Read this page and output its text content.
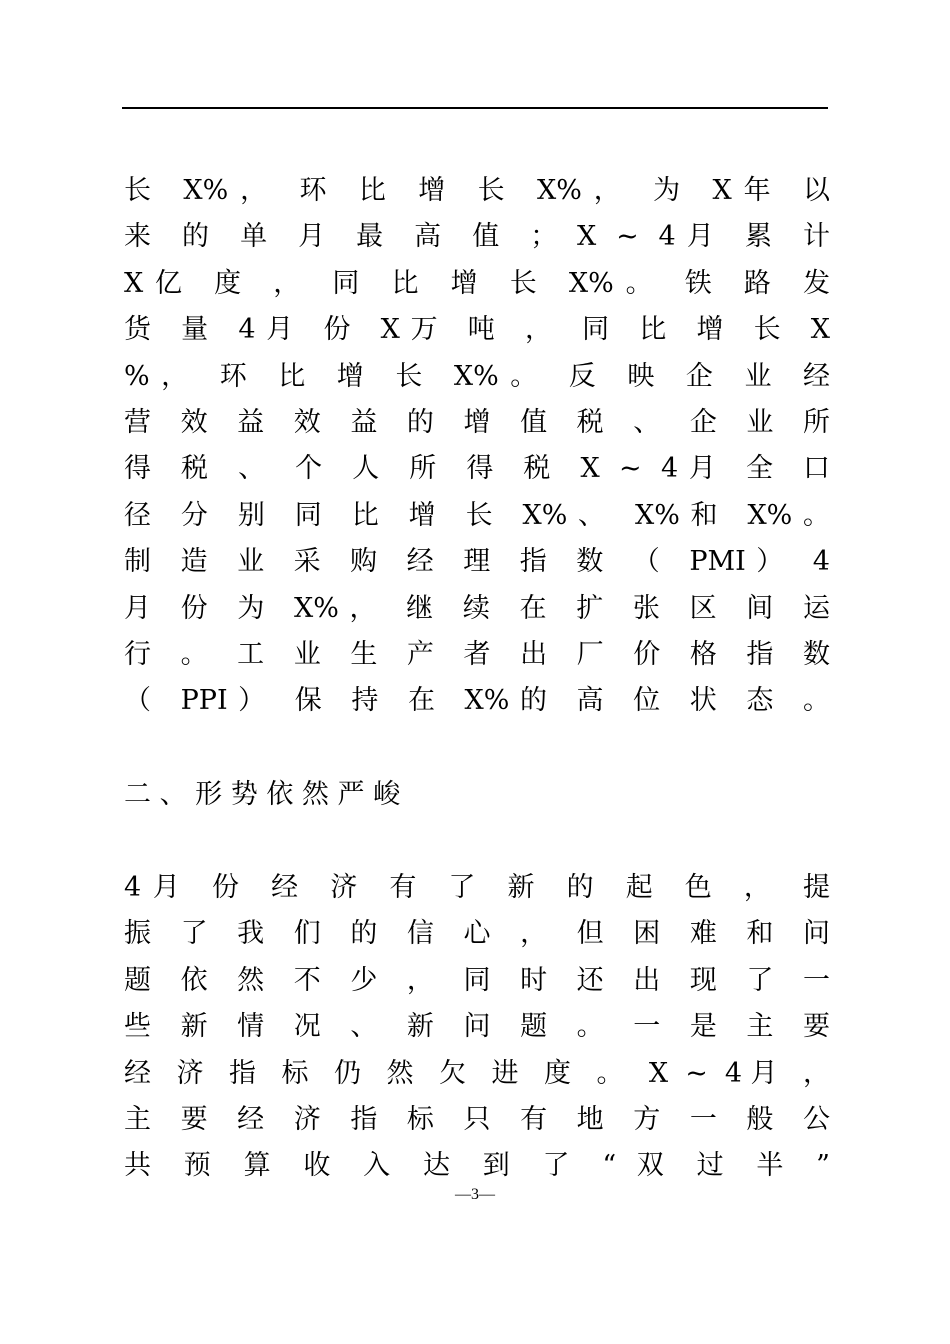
长 X%， 环 比 增 长 X%， 为 X年 以
来 的 单 月 最 高 值 ； X ~ 4月 累 计
X亿 度 ， 同 比 增 长 X%。 铁 路 发
货 量 4月 份 X万 吨 ， 同 比 增 长 X
%， 环 比 增 长 X%。 反 映 企 业 经
营 效 益 效 益 的 增 值 税 、 企 业 所
得 税 、 个 人 所 得 税 X ~ 4月 全 口
径 分 别 同 比 增 长 X%、 X%和 X%。
制 造 业 采 购 经 理 指 数 （ PMI） 4
月 份 为 X%， 继 续 在 扩 张 区 间 运
行 。 工 业 生 产 者 出 厂 价 格 指 数
（ PPI） 保 持 在 X%的 高 位 状 态 。
二 、 形 势 依 然 严 峻
4月 份 经 济 有 了 新 的 起 色 ， 提
振 了 我 们 的 信 心 ， 但 困 难 和 问
题 依 然 不 少 ， 同 时 还 出 现 了 一
些 新 情 况 、 新 问 题 。 一 是 主 要
经 济 指 标 仍 然 欠 进 度 。 X ~ 4月 ，
主 要 经 济 指 标 只 有 地 方 一 般 公
共 预 算 收 入 达 到 了 “ 双 过 半 ”
—3—
